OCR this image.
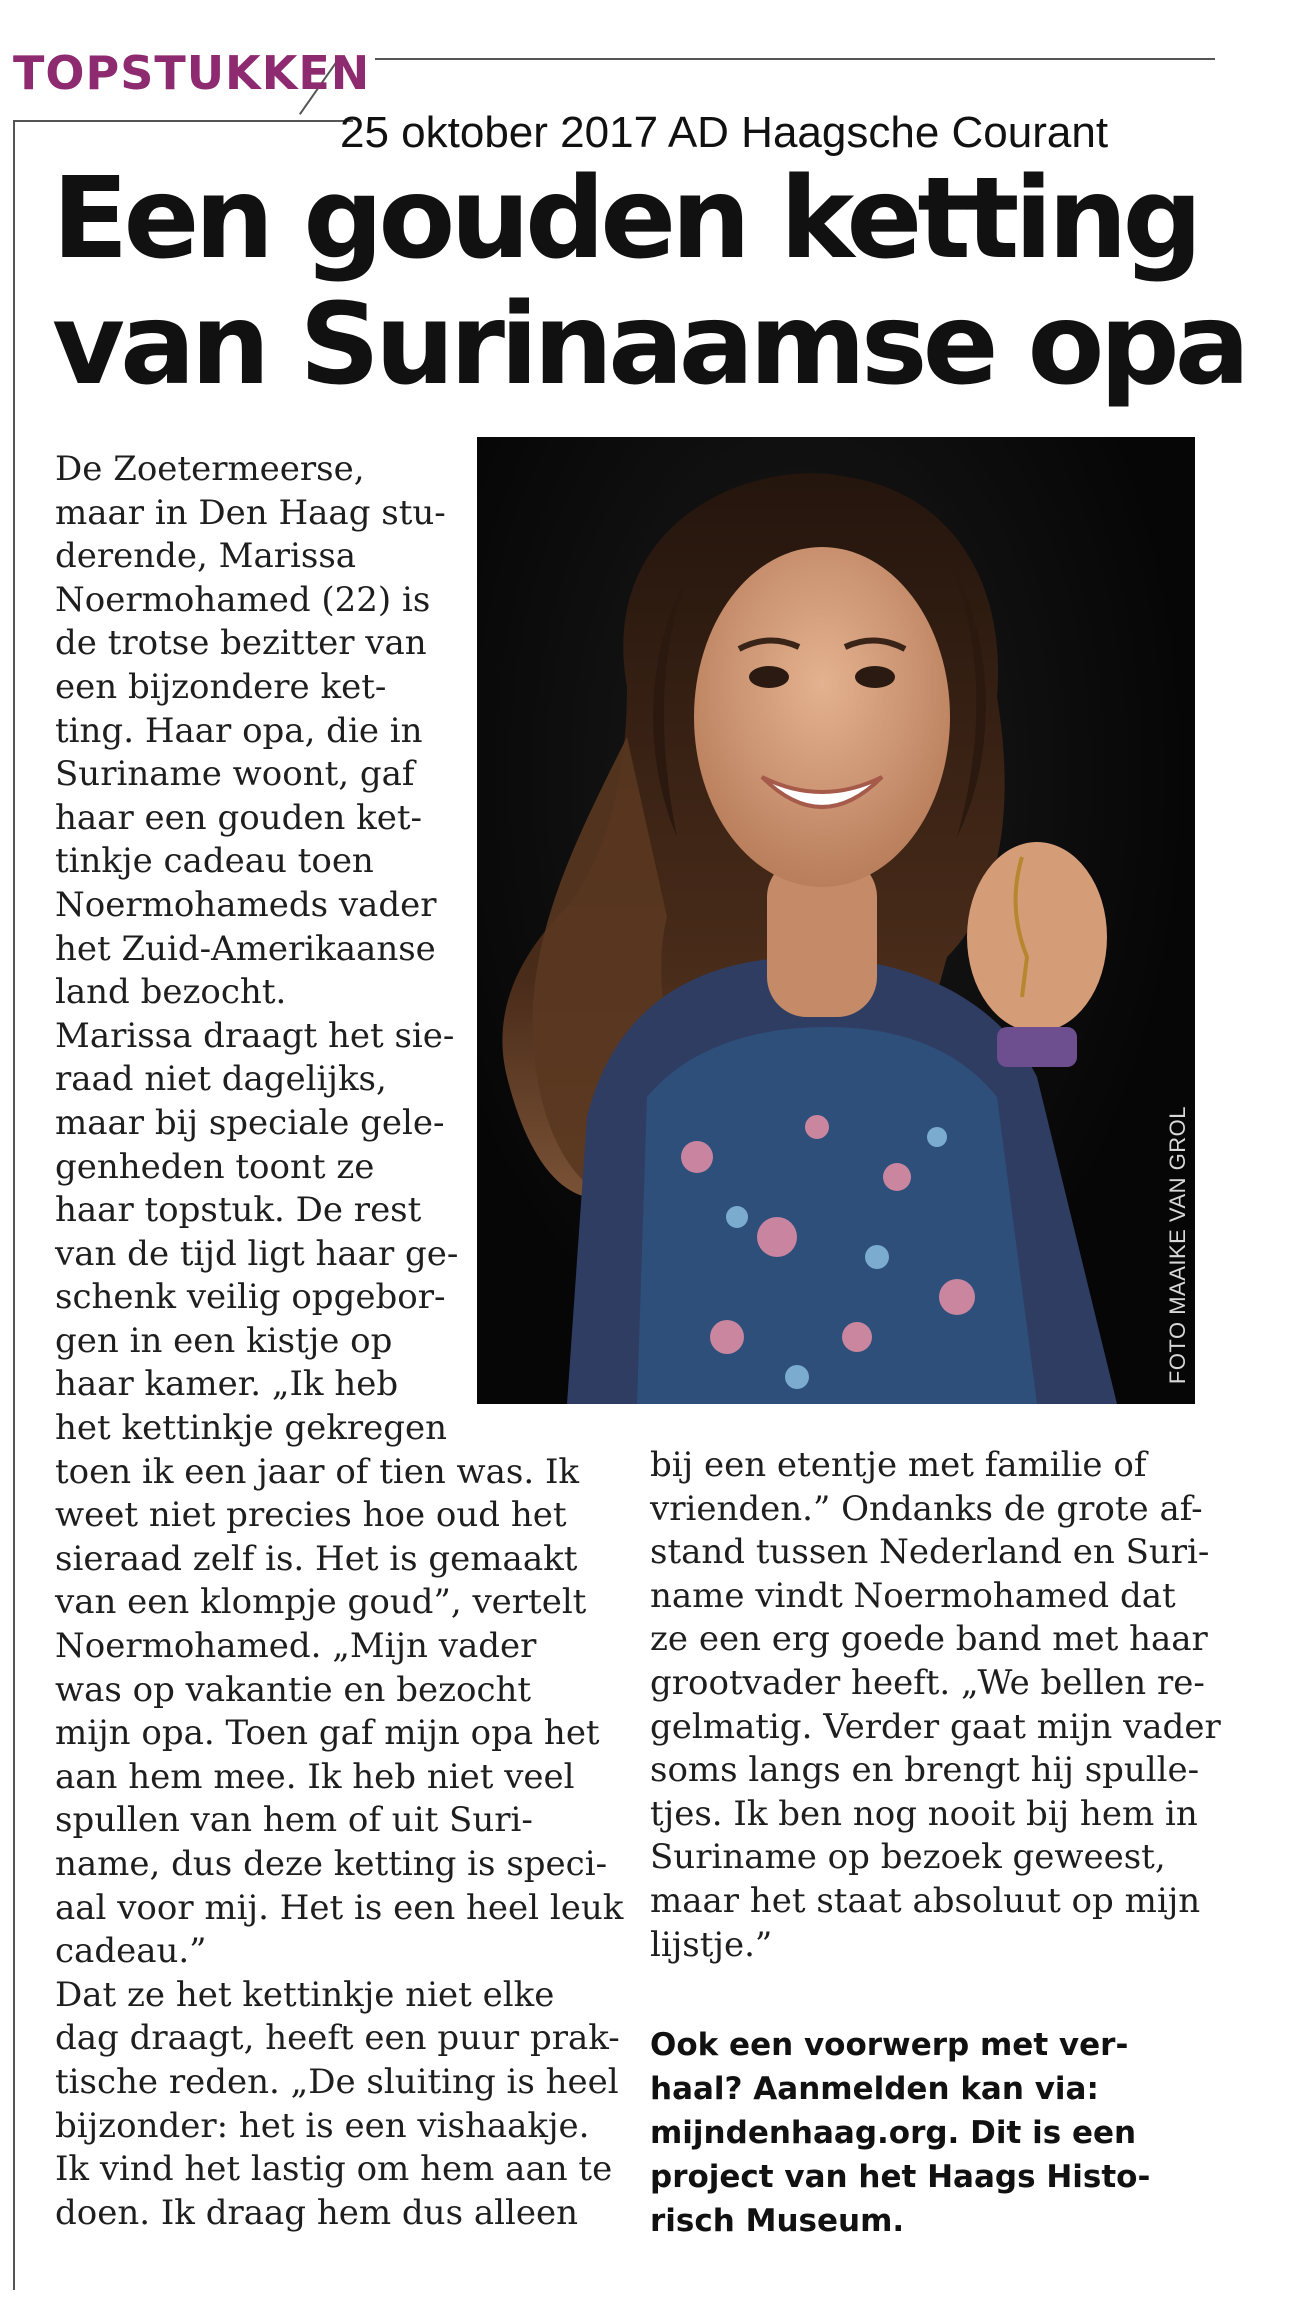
TOPSTUKKEN
25 oktober 2017 AD Haagsche Courant
Een gouden ketting
van Surinaamse opa
De Zoetermeerse,
maar in Den Haag stu-
derende, Marissa
Noermohamed (22) is
de trotse bezitter van
een bijzondere ket-
ting. Haar opa, die in
Suriname woont, gaf
haar een gouden ket-
tinkje cadeau toen
Noermohameds vader
het Zuid-Amerikaanse
land bezocht.
Marissa draagt het sie-
raad niet dagelijks,
maar bij speciale gele-
genheden toont ze
haar topstuk. De rest
van de tijd ligt haar ge-
schenk veilig opgebor-
gen in een kistje op
haar kamer. „Ik heb
het kettinkje gekregen
toen ik een jaar of tien was. Ik
weet niet precies hoe oud het
sieraad zelf is. Het is gemaakt
van een klompje goud”, vertelt
Noermohamed. „Mijn vader
was op vakantie en bezocht
mijn opa. Toen gaf mijn opa het
aan hem mee. Ik heb niet veel
spullen van hem of uit Suri-
name, dus deze ketting is speci-
aal voor mij. Het is een heel leuk
cadeau.”
Dat ze het kettinkje niet elke
dag draagt, heeft een puur prak-
tische reden. „De sluiting is heel
bijzonder: het is een vishaakje.
Ik vind het lastig om hem aan te
doen. Ik draag hem dus alleen
FOTO MAAIKE VAN GROL
bij een etentje met familie of
vrienden.” Ondanks de grote af-
stand tussen Nederland en Suri-
name vindt Noermohamed dat
ze een erg goede band met haar
grootvader heeft. „We bellen re-
gelmatig. Verder gaat mijn vader
soms langs en brengt hij spulle-
tjes. Ik ben nog nooit bij hem in
Suriname op bezoek geweest,
maar het staat absoluut op mijn
lijstje.”
Ook een voorwerp met ver-
haal? Aanmelden kan via:
mijndenhaag.org. Dit is een
project van het Haags Histo-
risch Museum.
